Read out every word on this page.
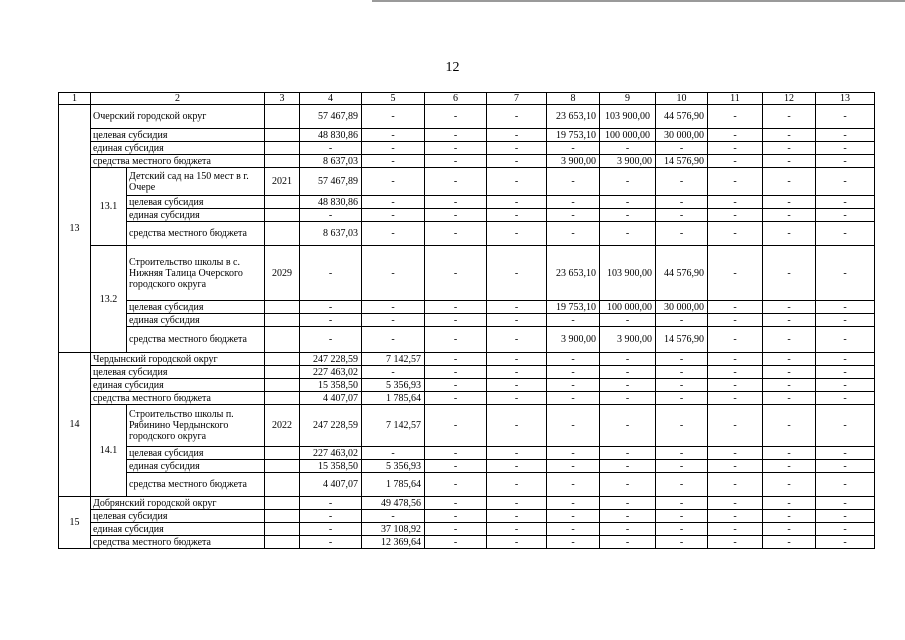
12
1	2		3	4	5	6	7	8	9	10	11	12	13
13	Очерский городской округ			57 467,89	-	-	-	23 653,10	103 900,00	44 576,90	-	-	-
	целевая субсидия			48 830,86	-	-	-	19 753,10	100 000,00	30 000,00	-	-	-
	единая субсидия			-	-	-	-	-	-	-	-	-	-
	средства местного бюджета			8 637,03	-	-	-	3 900,00	3 900,00	14 576,90	-	-	-
	13.1	Детский сад на 150 мест в г. Очере	2021	57 467,89	-	-	-	-	-	-	-	-	-
		целевая субсидия		48 830,86	-	-	-	-	-	-	-	-	-
		единая субсидия		-	-	-	-	-	-	-	-	-	-
		средства местного бюджета		8 637,03	-	-	-	-	-	-	-	-	-
	13.2	Строительство школы в с. Нижняя Талица Очерского городского округа	2029	-	-	-	-	23 653,10	103 900,00	44 576,90	-	-	-
		целевая субсидия		-	-	-	-	19 753,10	100 000,00	30 000,00	-	-	-
		единая субсидия		-	-	-	-	-	-	-	-	-	-
		средства местного бюджета		-	-	-	-	3 900,00	3 900,00	14 576,90	-	-	-
14	Чердынский городской округ			247 228,59	7 142,57	-	-	-	-	-	-	-	-
	целевая субсидия			227 463,02	-	-	-	-	-	-	-	-	-
	единая субсидия			15 358,50	5 356,93	-	-	-	-	-	-	-	-
	средства местного бюджета			4 407,07	1 785,64	-	-	-	-	-	-	-	-
	14.1	Строительство школы п. Рябинино Чердынского городского округа	2022	247 228,59	7 142,57	-	-	-	-	-	-	-	-
		целевая субсидия		227 463,02	-	-	-	-	-	-	-	-	-
		единая субсидия		15 358,50	5 356,93	-	-	-	-	-	-	-	-
		средства местного бюджета		4 407,07	1 785,64	-	-	-	-	-	-	-	-
15	Добрянский городской округ			-	49 478,56	-	-	-	-	-	-	-	-
	целевая субсидия			-	-	-	-	-	-	-	-	-	-
	единая субсидия			-	37 108,92	-	-	-	-	-	-	-	-
	средства местного бюджета			-	12 369,64	-	-	-	-	-	-	-	-
